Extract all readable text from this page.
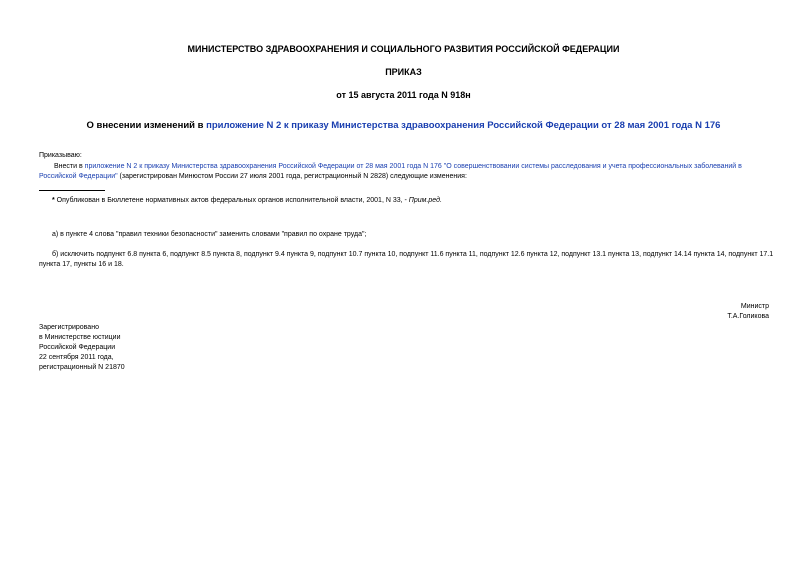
МИНИСТЕРСТВО ЗДРАВООХРАНЕНИЯ И СОЦИАЛЬНОГО РАЗВИТИЯ РОССИЙСКОЙ ФЕДЕРАЦИИ

ПРИКАЗ

от 15 августа 2011 года N 918н

О внесении изменений в приложение N 2 к приказу Министерства здравоохранения Российской Федерации от 28 мая 2001 года N 176

Приказываю:

Внести в приложение N 2 к приказу Министерства здравоохранения Российской Федерации от 28 мая 2001 года N 176 "О совершенствовании системы расследования и учета профессиональных заболеваний в Российской Федерации" (зарегистрирован Минюстом России 27 июля 2001 года, регистрационный N 2828) следующие изменения:

* Опубликован в Бюллетене нормативных актов федеральных органов исполнительной власти, 2001, N 33, - Прим.ред.

а) в пункте 4 слова "правил техники безопасности" заменить словами "правил по охране труда";

б) исключить подпункт 6.8 пункта 6, подпункт 8.5 пункта 8, подпункт 9.4 пункта 9, подпункт 10.7 пункта 10, подпункт 11.6 пункта 11, подпункт 12.6 пункта 12, подпункт 13.1 пункта 13, подпункт 14.14 пункта 14, подпункт 17.1 пункта 17, пункты 16 и 18.

Министр

Т.А.Голикова

Зарегистрировано
в Министерстве юстиции
Российской Федерации
22 сентября 2011 года,
регистрационный N 21870
